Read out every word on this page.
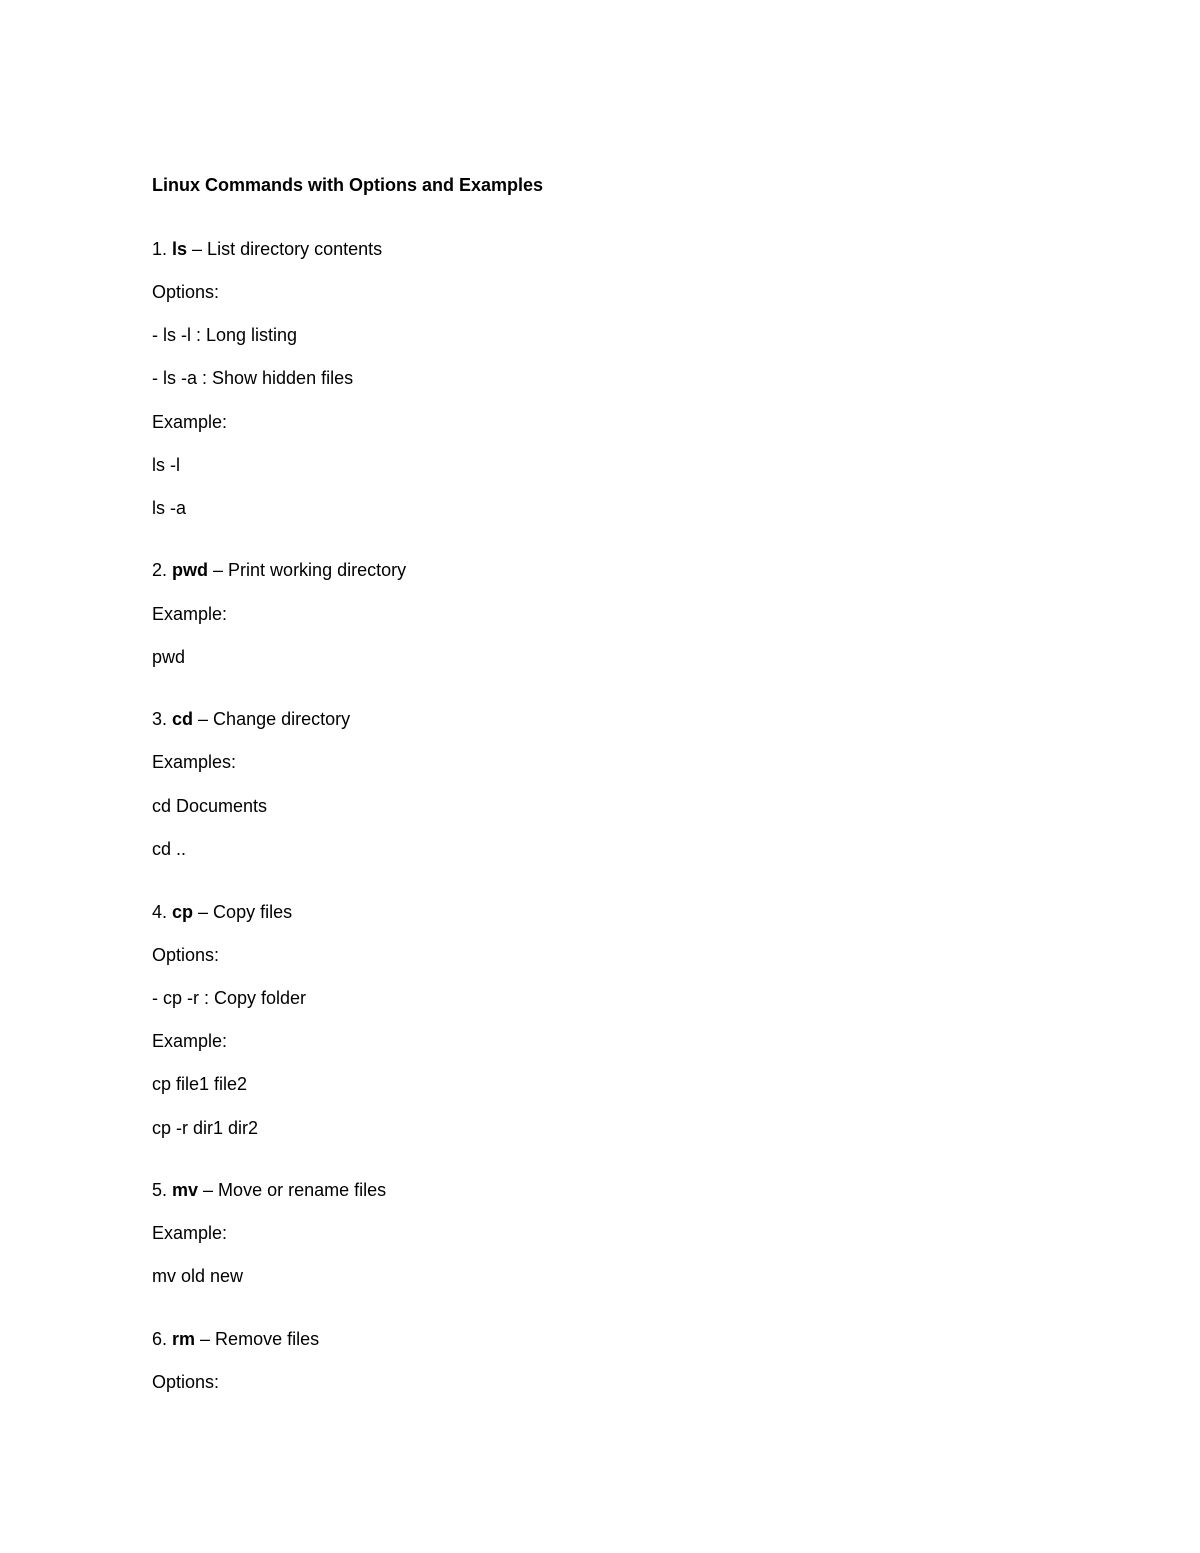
Linux Commands with Options and Examples
1. ls – List directory contents
Options:
- ls -l : Long listing
- ls -a : Show hidden files
Example:
ls -l
ls -a
2. pwd – Print working directory
Example:
pwd
3. cd – Change directory
Examples:
cd Documents
cd ..
4. cp – Copy files
Options:
- cp -r : Copy folder
Example:
cp file1 file2
cp -r dir1 dir2
5. mv – Move or rename files
Example:
mv old new
6. rm – Remove files
Options:
